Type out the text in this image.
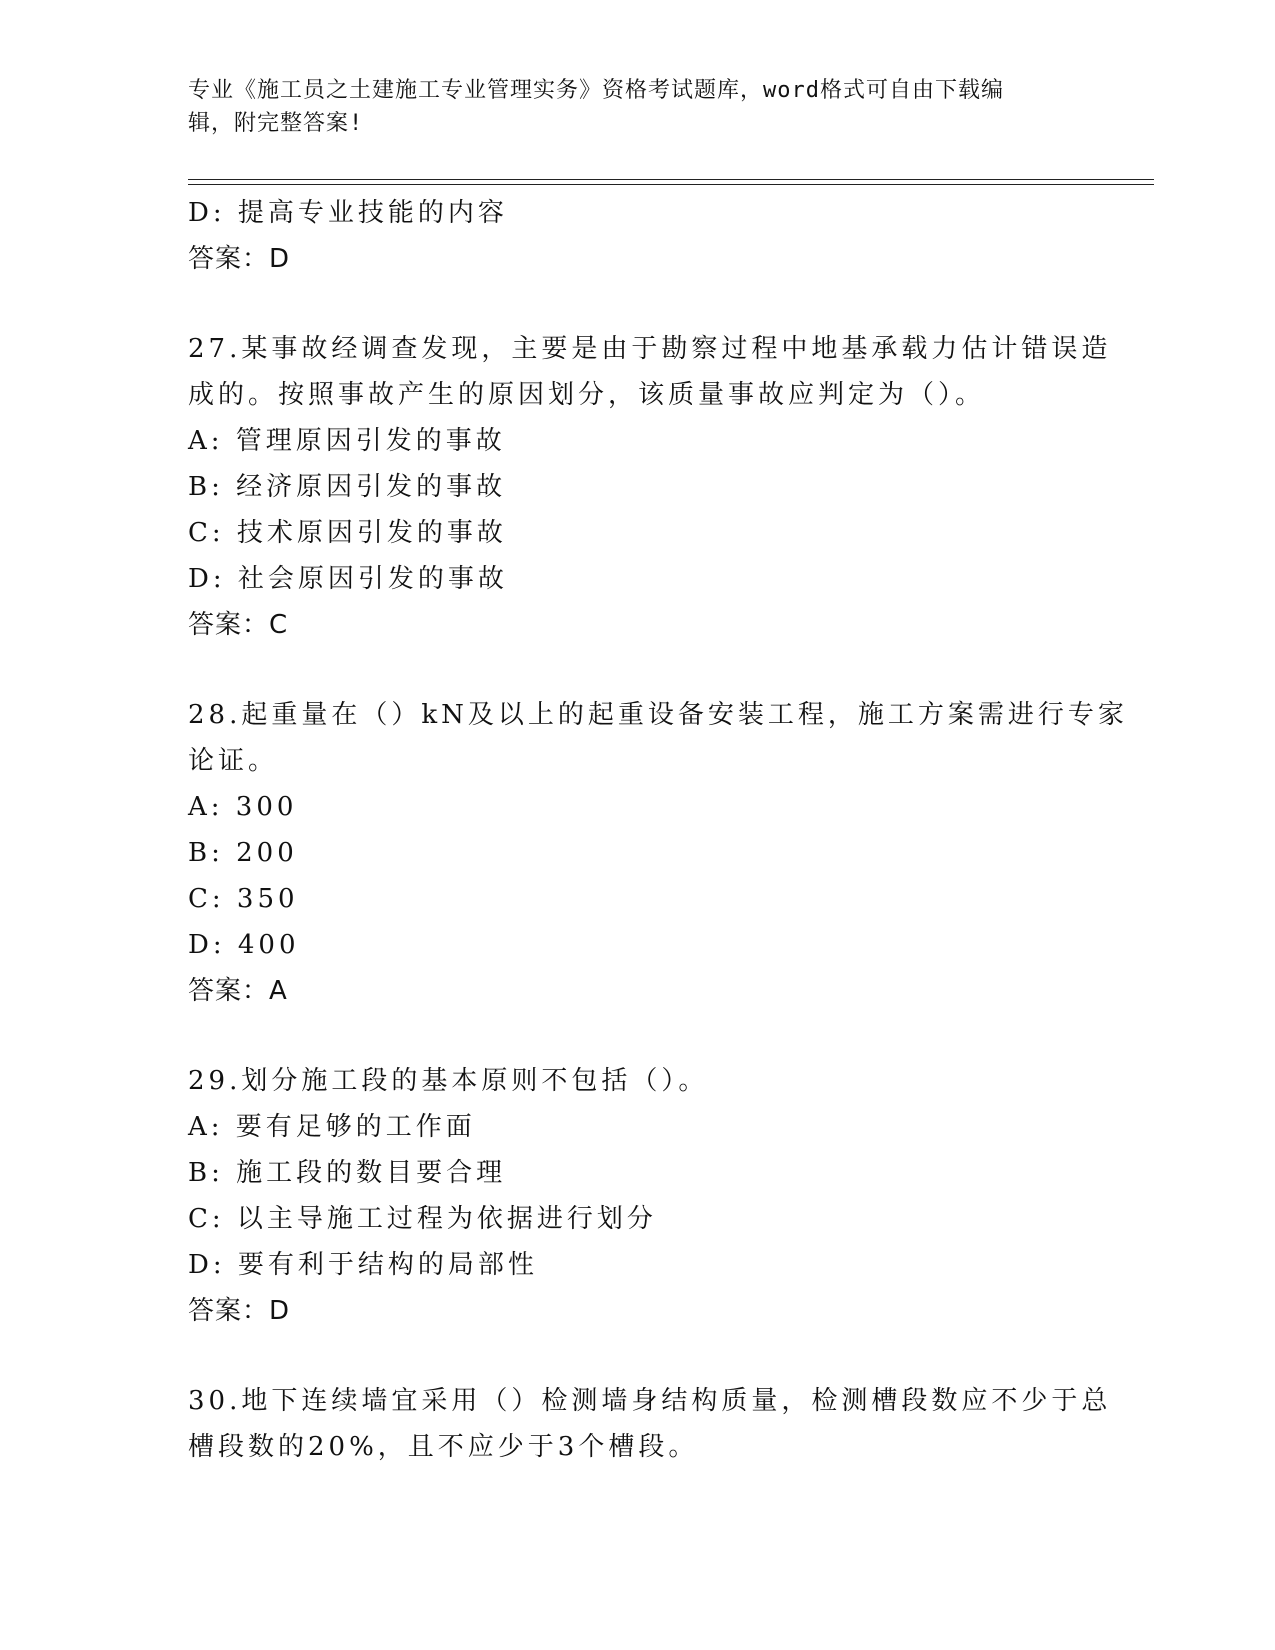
专业《施工员之土建施工专业管理实务》资格考试题库，word格式可自由下载编
辑，附完整答案!
D: 提高专业技能的内容
答案：D
27.某事故经调查发现，主要是由于勘察过程中地基承载力估计错误造
成的。按照事故产生的原因划分，该质量事故应判定为（）。
A: 管理原因引发的事故
B: 经济原因引发的事故
C: 技术原因引发的事故
D: 社会原因引发的事故
答案：C
28.起重量在（）kN及以上的起重设备安装工程，施工方案需进行专家
论证。
A: 300
B: 200
C: 350
D: 400
答案：A
29.划分施工段的基本原则不包括（）。
A: 要有足够的工作面
B: 施工段的数目要合理
C: 以主导施工过程为依据进行划分
D: 要有利于结构的局部性
答案：D
30.地下连续墙宜采用（）检测墙身结构质量，检测槽段数应不少于总
槽段数的20%，且不应少于3个槽段。
